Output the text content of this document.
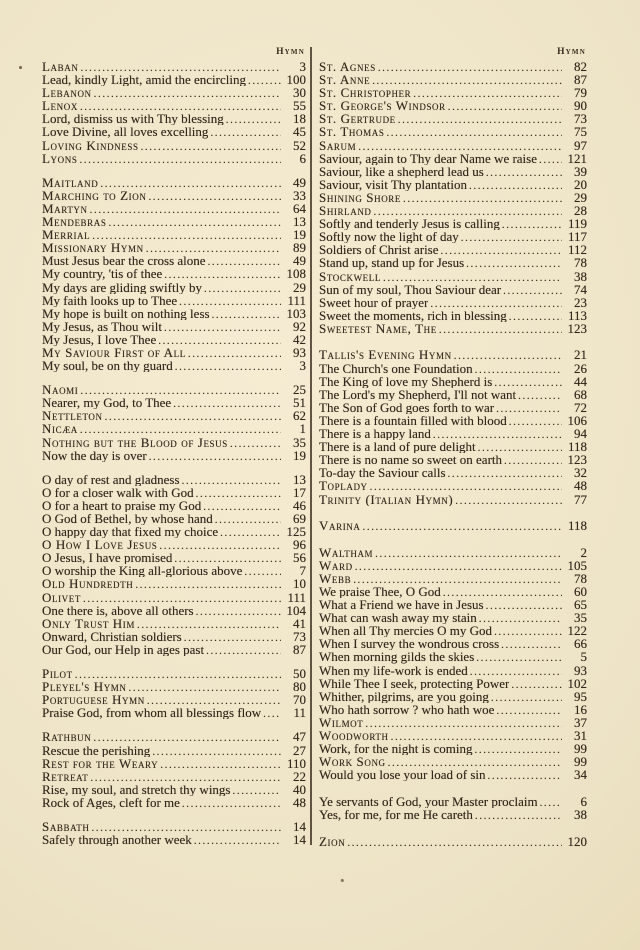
Hymn
Laban .....	3
Lead, kindly Light, amid the encircling .....	100
Lebanon .....	30
Lenox .....	55
Lord, dismiss us with Thy blessing .....	18
Love Divine, all loves excelling .....	45
Loving Kindness .....	52
Lyons .....	6
Maitland .....	49
Marching to Zion .....	33
Martyn .....	64
Mendebras .....	13
Merrial .....	19
Missionary Hymn .....	89
Must Jesus bear the cross alone .....	49
My country, 'tis of thee .....	108
My days are gliding swiftly by .....	29
My faith looks up to Thee .....	111
My hope is built on nothing less .....	103
My Jesus, as Thou wilt .....	92
My Jesus, I love Thee .....	42
My Saviour First of All .....	93
My soul, be on thy guard .....	3
Naomi .....	25
Nearer, my God, to Thee .....	51
Nettleton .....	62
Nicæa .....	1
Nothing but the Blood of Jesus .....	35
Now the day is over .....	19
O day of rest and gladness .....	13
O for a closer walk with God .....	17
O for a heart to praise my God .....	46
O God of Bethel, by whose hand .....	69
O happy day that fixed my choice .....	125
O How I Love Jesus .....	96
O Jesus, I have promised .....	56
O worship the King all-glorious above .....	7
Old Hundredth .....	10
Olivet .....	111
One there is, above all others .....	104
Only Trust Him .....	41
Onward, Christian soldiers .....	73
Our God, our Help in ages past .....	87
Pilot .....	50
Pleyel's Hymn .....	80
Portuguese Hymn .....	70
Praise God, from whom all blessings flow .....	11
Rathbun .....	47
Rescue the perishing .....	27
Rest for the Weary .....	110
Retreat .....	22
Rise, my soul, and stretch thy wings .....	40
Rock of Ages, cleft for me .....	48
Sabbath .....	14
Safely through another week .....	14
Hymn
St. Agnes .....	82
St. Anne .....	87
St. Christopher .....	79
St. George's Windsor .....	90
St. Gertrude .....	73
St. Thomas .....	75
Sarum .....	97
Saviour, again to Thy dear Name we raise ..... 121
Saviour, like a shepherd lead us .....	39
Saviour, visit Thy plantation .....	20
Shining Shore .....	29
Shirland .....	28
Softly and tenderly Jesus is calling .....	119
Softly now the light of day .....	117
Soldiers of Christ arise .....	112
Stand up, stand up for Jesus .....	78
Stockwell .....	38
Sun of my soul, Thou Saviour dear .....	74
Sweet hour of prayer .....	23
Sweet the moments, rich in blessing .....	113
Sweetest Name, The .....	123
Tallis's Evening Hymn .....	21
The Church's one Foundation .....	26
The King of love my Shepherd is .....	44
The Lord's my Shepherd, I'll not want .....	68
The Son of God goes forth to war .....	72
There is a fountain filled with blood .....	106
There is a happy land .....	94
There is a land of pure delight .....	118
There is no name so sweet on earth .....	123
To-day the Saviour calls .....	32
Toplady .....	48
Trinity (Italian Hymn) .....	77
Varina .....	118
Waltham .....	2
Ward .....	105
Webb .....	78
We praise Thee, O God .....	60
What a Friend we have in Jesus .....	65
What can wash away my stain .....	35
When all Thy mercies O my God .....	122
When I survey the wondrous cross .....	66
When morning gilds the skies .....	5
When my life-work is ended .....	93
While Thee I seek, protecting Power .....	102
Whither, pilgrims, are you going .....	95
Who hath sorrow ? who hath woe .....	16
Wilmot .....	37
Woodworth .....	31
Work, for the night is coming .....	99
Work Song .....	99
Would you lose your load of sin .....	34
Ye servants of God, your Master proclaim .....	6
Yes, for me, for me He careth .....	38
Zion .....	120
